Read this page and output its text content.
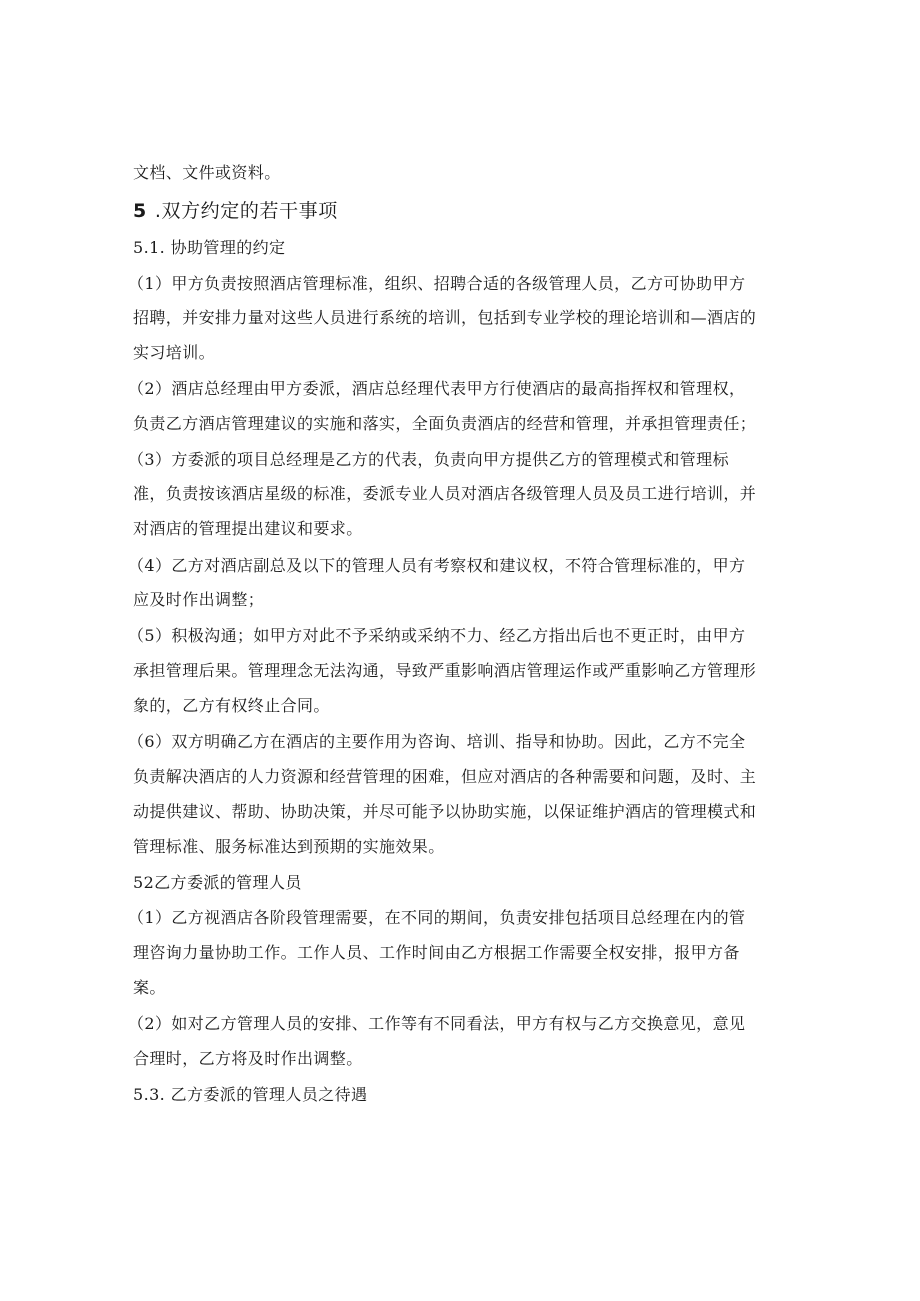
文档、文件或资料。
5 .双方约定的若干事项
5.1. 协助管理的约定
（1）甲方负责按照酒店管理标准，组织、招聘合适的各级管理人员，乙方可协助甲方
招聘，并安排力量对这些人员进行系统的培训，包括到专业学校的理论培训和—酒店的
实习培训。
（2）酒店总经理由甲方委派，酒店总经理代表甲方行使酒店的最高指挥权和管理权，
负责乙方酒店管理建议的实施和落实，全面负责酒店的经营和管理，并承担管理责任；
（3）方委派的项目总经理是乙方的代表，负责向甲方提供乙方的管理模式和管理标
准，负责按该酒店星级的标准，委派专业人员对酒店各级管理人员及员工进行培训，并
对酒店的管理提出建议和要求。
（4）乙方对酒店副总及以下的管理人员有考察权和建议权，不符合管理标准的，甲方
应及时作出调整；
（5）积极沟通；如甲方对此不予采纳或采纳不力、经乙方指出后也不更正时，由甲方
承担管理后果。管理理念无法沟通，导致严重影响酒店管理运作或严重影响乙方管理形
象的，乙方有权终止合同。
（6）双方明确乙方在酒店的主要作用为咨询、培训、指导和协助。因此，乙方不完全
负责解决酒店的人力资源和经营管理的困难，但应对酒店的各种需要和问题，及时、主
动提供建议、帮助、协助决策，并尽可能予以协助实施，以保证维护酒店的管理模式和
管理标准、服务标准达到预期的实施效果。
52乙方委派的管理人员
（1）乙方视酒店各阶段管理需要，在不同的期间，负责安排包括项目总经理在内的管
理咨询力量协助工作。工作人员、工作时间由乙方根据工作需要全权安排，报甲方备
案。
（2）如对乙方管理人员的安排、工作等有不同看法，甲方有权与乙方交换意见，意见
合理时，乙方将及时作出调整。
5.3. 乙方委派的管理人员之待遇
